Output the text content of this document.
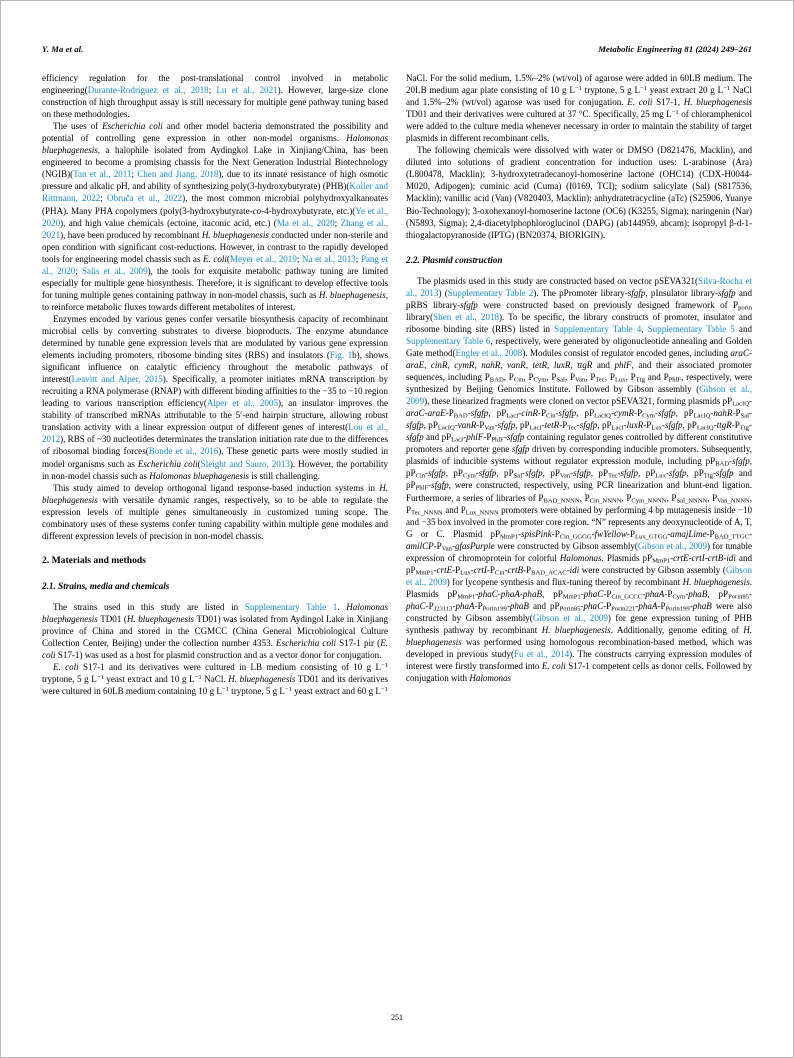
Y. Ma et al.	Metabolic Engineering 81 (2024) 249–261

efficiency regulation for the post-translational control involved in metabolic engineering(Durante-Rodríguez et al., 2018; Lu et al., 2021). However, large-size clone construction of high throughput assay is still necessary for multiple gene pathway tuning based on these methodologies.

The uses of Escherichia coli and other model bacteria demonstrated the possibility and potential of controlling gene expression in other non-model organisms. Halomonas bluephagenesis, a halophile isolated from Aydingkol Lake in Xinjiang/China, has been engineered to become a promising chassis for the Next Generation Industrial Biotechnology (NGIB)(Tan et al., 2011; Chen and Jiang, 2018), due to its innate resistance of high osmotic pressure and alkalic pH, and ability of synthesizing poly(3-hydroxybutyrate) (PHB)(Koller and Rittmann, 2022; Obruča et al., 2022), the most common microbial polyhydroxyalkanoates (PHA). Many PHA copolymers (poly(3-hydroxybutyrate-co-4-hydroxybutyrate, etc.)(Ye et al., 2020), and high value chemicals (ectoine, itaconic acid, etc.) (Ma et al., 2020; Zhang et al., 2021), have been produced by recombinant H. bluephagenesis conducted under non-sterile and open condition with significant cost-reductions. However, in contrast to the rapidly developed tools for engineering model chassis such as E. coli(Meyer et al., 2019; Na et al., 2013; Pang et al., 2020; Salis et al., 2009), the tools for exquisite metabolic pathway tuning are limited especially for multiple gene biosynthesis. Therefore, it is significant to develop effective tools for tuning multiple genes containing pathway in non-model chassis, such as H. bluephagenesis, to reinforce metabolic fluxes towards different metabolites of interest.

Enzymes encoded by various genes confer versatile biosynthesis capacity of recombinant microbial cells by converting substrates to diverse bioproducts. The enzyme abundance determined by tunable gene expression levels that are modulated by various gene expression elements including promoters, ribosome binding sites (RBS) and insulators (Fig. 1b), shows significant influence on catalytic efficiency throughout the metabolic pathways of interest(Leavitt and Alper, 2015). Specifically, a promoter initiates mRNA transcription by recruiting a RNA polymerase (RNAP) with different binding affinities to the −35 to −10 region leading to various transcription efficiency(Alper et al., 2005), an insulator improves the stability of transcribed mRNAs attributable to the 5′-end hairpin structure, allowing robust translation activity with a linear expression output of different genes of interest(Lou et al., 2012), RBS of ~30 nucleotides determinates the translation initiation rate due to the differences of ribosomal binding forces(Bonde et al., 2016). These genetic parts were mostly studied in model organisms such as Escherichia coli(Sleight and Sauro, 2013). However, the portability in non-model chassis such as Halomonas bluephagenesis is still challenging.

This study aimed to develop orthogonal ligand response-based induction systems in H. bluephagenesis with versatile dynamic ranges, respectively, so to be able to regulate the expression levels of multiple genes simultaneously in customized tuning scope. The combinatory uses of these systems confer tuning capability within multiple gene modules and different expression levels of precision in non-model chassis.

2. Materials and methods
2.1. Strains, media and chemicals

The strains used in this study are listed in Supplementary Table 1. Halomonas bluephagenesis TD01 (H. bluephagenesis TD01) was isolated from Aydingol Lake in Xinjiang province of China and stored in the CGMCC (China General Microbiological Culture Collection Center, Beijing) under the collection number 4353. Escherichia coli S17-1 pir (E. coli S17-1) was used as a host for plasmid construction and as a vector donor for conjugation.

E. coli S17-1 and its derivatives were cultured in LB medium consisting of 10 g $L^{-1}$ tryptone, 5 g $L^{-1}$ yeast extract and 10 g $L^{-1}$ NaCl. H. bluephagenesis TD01 and its derivatives were cultured in 60LB medium containing 10 g $L^{-1}$ tryptone, 5 g $L^{-1}$ yeast extract and 60 g $L^{-1}$

NaCl. For the solid medium, 1.5%–2% (wt/vol) of agarose were added in 60LB medium. The 20LB medium agar plate consisting of 10 g $L^{-1}$ tryptone, 5 g $L^{-1}$ yeast extract 20 g $L^{-1}$ NaCl and 1.5%–2% (wt/vol) agarose was used for conjugation. E. coli S17-1, H. bluephagenesis TD01 and their derivatives were cultured at 37 °C. Specifically, 25 mg $L^{-1}$ of chloramphenicol were added to the culture media whenever necessary in order to maintain the stability of target plasmids in different recombinant cells.

The following chemicals were dissolved with water or DMSO (D821476, Macklin), and diluted into solutions of gradient concentration for induction uses: L-arabinose (Ara) (L800478, Macklin); 3-hydroxytetradecanoyl-homoserine lactone (OHC14) (CDX-H0044-M020, Adipogen); cuminic acid (Cuma) (I0169, TCI); sodium salicylate (Sal) (S817536, Macklin); vanillic acid (Van) (V820403, Macklin); anhydratetracycline (aTc) (S25906, Yuanye Bio-Technology); 3-oxohexanoyl-homoserine lactone (OC6) (K3255, Sigma); naringenin (Nar) (N5893, Sigma); 2,4-diacetylphophloroglucinol (DAPG) (ab144959, abcam); isopropyl β-d-1-thiogalactopyranoside (IPTG) (BN20374, BIORIGIN).

2.2. Plasmid construction

The plasmids used in this study are constructed based on vector pSEVA321(Silva-Rocha et al., 2013) (Supplementary Table 2). The pPromoter library-sfgfp, pInsulator library-sfgfp and pRBS library-sfgfp were constructed based on previously designed framework of $P_{porin}$ library(Shen et al., 2018). To be specific, the library constructs of promoter, insulator and ribosome binding site (RBS) listed in Supplementary Table 4, Supplementary Table 5 and Supplementary Table 6, respectively, were generated by oligonucleotide annealing and Golden Gate method(Engler et al., 2008). Modules consist of regulator encoded genes, including araC-araE, cinR, cymR, nahR, vanR, tetR, luxR, ttgR and phlF, and their associated promoter sequences, including $P_{BAD}$, $P_{Cin}$, $P_{Cym}$, $P_{Sal}$, $P_{Van}$, $P_{Tec}$, $P_{Lux}$, $P_{Ttg}$ and $P_{PhlF}$, respectively, were synthesized by Beijing Genomics Institute. Followed by Gibson assembly (Gibson et al., 2009), these linearized fragments were cloned on vector pSEVA321, forming plasmids $pP_{LacIQ}-araC-araE-P_{BAD}$-sfgfp, $pP_{LacI}-cinR-P_{Cin}$-sfgfp, $pP_{LacIQ}-cymR-P_{Cym}$-sfgfp, $pP_{LacIQ}-nahR-P_{Sal}$-sfgfp, $pP_{LacIQ}-vanR-P_{Van}$-sfgfp, $pP_{LacI}-tetR-P_{Tec}$-sfgfp, $pP_{LacI}-luxR-P_{Lux}$-sfgfp, $pP_{LacIQ}-ttgR-P_{Ttg}$-sfgfp and $pP_{LacI}-phlF-P_{PhlF}$-sfgfp containing regulator genes controlled by different constitutive promoters and reporter gene sfgfp driven by corresponding inducible promoters. Subsequently, plasmids of inducible systems without regulator expression module, including $pP_{BAD}$-sfgfp, $pP_{Cin}$-sfgfp, $pP_{Cym}$-sfgfp, $pP_{Sal}$-sfgfp, $pP_{Van}$-sfgfp, $pP_{Tec}$-sfgfp, $pP_{Lux}$-sfgfp, $pP_{Ttg}$-sfgfp and $pP_{PhlF}$-sfgfp, were constructed, respectively, using PCR linearization and blunt-end ligation. Furthermore, a series of libraries of $P_{BAD\_NNNN}$, $P_{Cin\_NNNN}$, $P_{Cym\_NNNN}$, $P_{Sal\_NNNN}$, $P_{Van\_NNNN}$, $P_{Tec\_NNNN}$ and $P_{Lux\_NNNN}$ promoters were obtained by performing 4 bp mutagenesis inside −10 and −35 box involved in the promoter core region. “N” represents any deoxynucleotide of A, T, G or C. Plasmid $pP_{MmP1}-spisPink-P_{Cin\_GGGG}-fwYellow-P_{Lux\_GTGG}-amajLime-P_{BAD\_TTGC}-amilCP-P_{Van}$-gfasPurple were constructed by Gibson assembly(Gibson et al., 2009) for tunable expression of chromoprotein for colorful Halomonas. Plasmids $pP_{MmP1}-crtE-crtI-crtB$-idi and $pP_{MmP1}-crtE-P_{Lux}-crtI-P_{Cin}-crtB-P_{BAD\_ACAC}$-idi were constructed by Gibson assembly (Gibson et al., 2009) for lycopene synthesis and flux-tuning thereof by recombinant H. bluephagenesis. Plasmids $pP_{MmP1}-phaC-phaA$-phaB, $pP_{MmP1}-phaC-P_{Cin\_GCCC}-phaA-P_{Cym}$-phaB, $pP_{Porin85}-phaC-P_{J23113}-phaA-P_{Porin199}$-phaB and $pP_{Porin85}-phaC-P_{Porin221}-phaA-P_{Porin199}$-phaB were also constructed by Gibson assembly(Gibson et al., 2009) for gene expression tuning of PHB synthesis pathway by recombinant H. bluephagenesis. Additionally, genome editing of H. bluephagenesis was performed using homologous recombination-based method, which was developed in previous study(Fu et al., 2014). The constructs carrying expression modules of interest were firstly transformed into E. coli S17-1 competent cells as donor cells. Followed by conjugation with Halomonas

251
